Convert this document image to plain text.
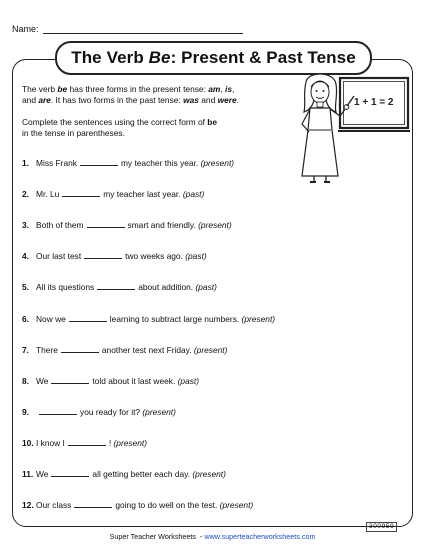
Name:
The Verb Be : Present & Past Tense
The verb be has three forms in the present tense: am, is,
and are. It has two forms in the past tense: was and were.
Complete the sentences using the correct form of be
in the tense in parentheses.
1 + 1 = 2
1. Miss Frank	my teacher this year. (present)
2. Mr. Lu	my teacher last year. (past)
3. Both of them	smart and friendly. (present)
4. Our last test	two weeks ago. (past)
5. All its questions	about addition. (past)
6. Now we	learning to subtract large numbers. (present)
7. There	another test next Friday. (present)
8. We	told about it last week. (past)
9.	you ready for it? (present)
10. I know I	! (present)
11. We	all getting better each day. (present)
12. Our class	going to do well on the test. (present)
Super Teacher Worksheets  - www.superteacherworksheets.com
300959
